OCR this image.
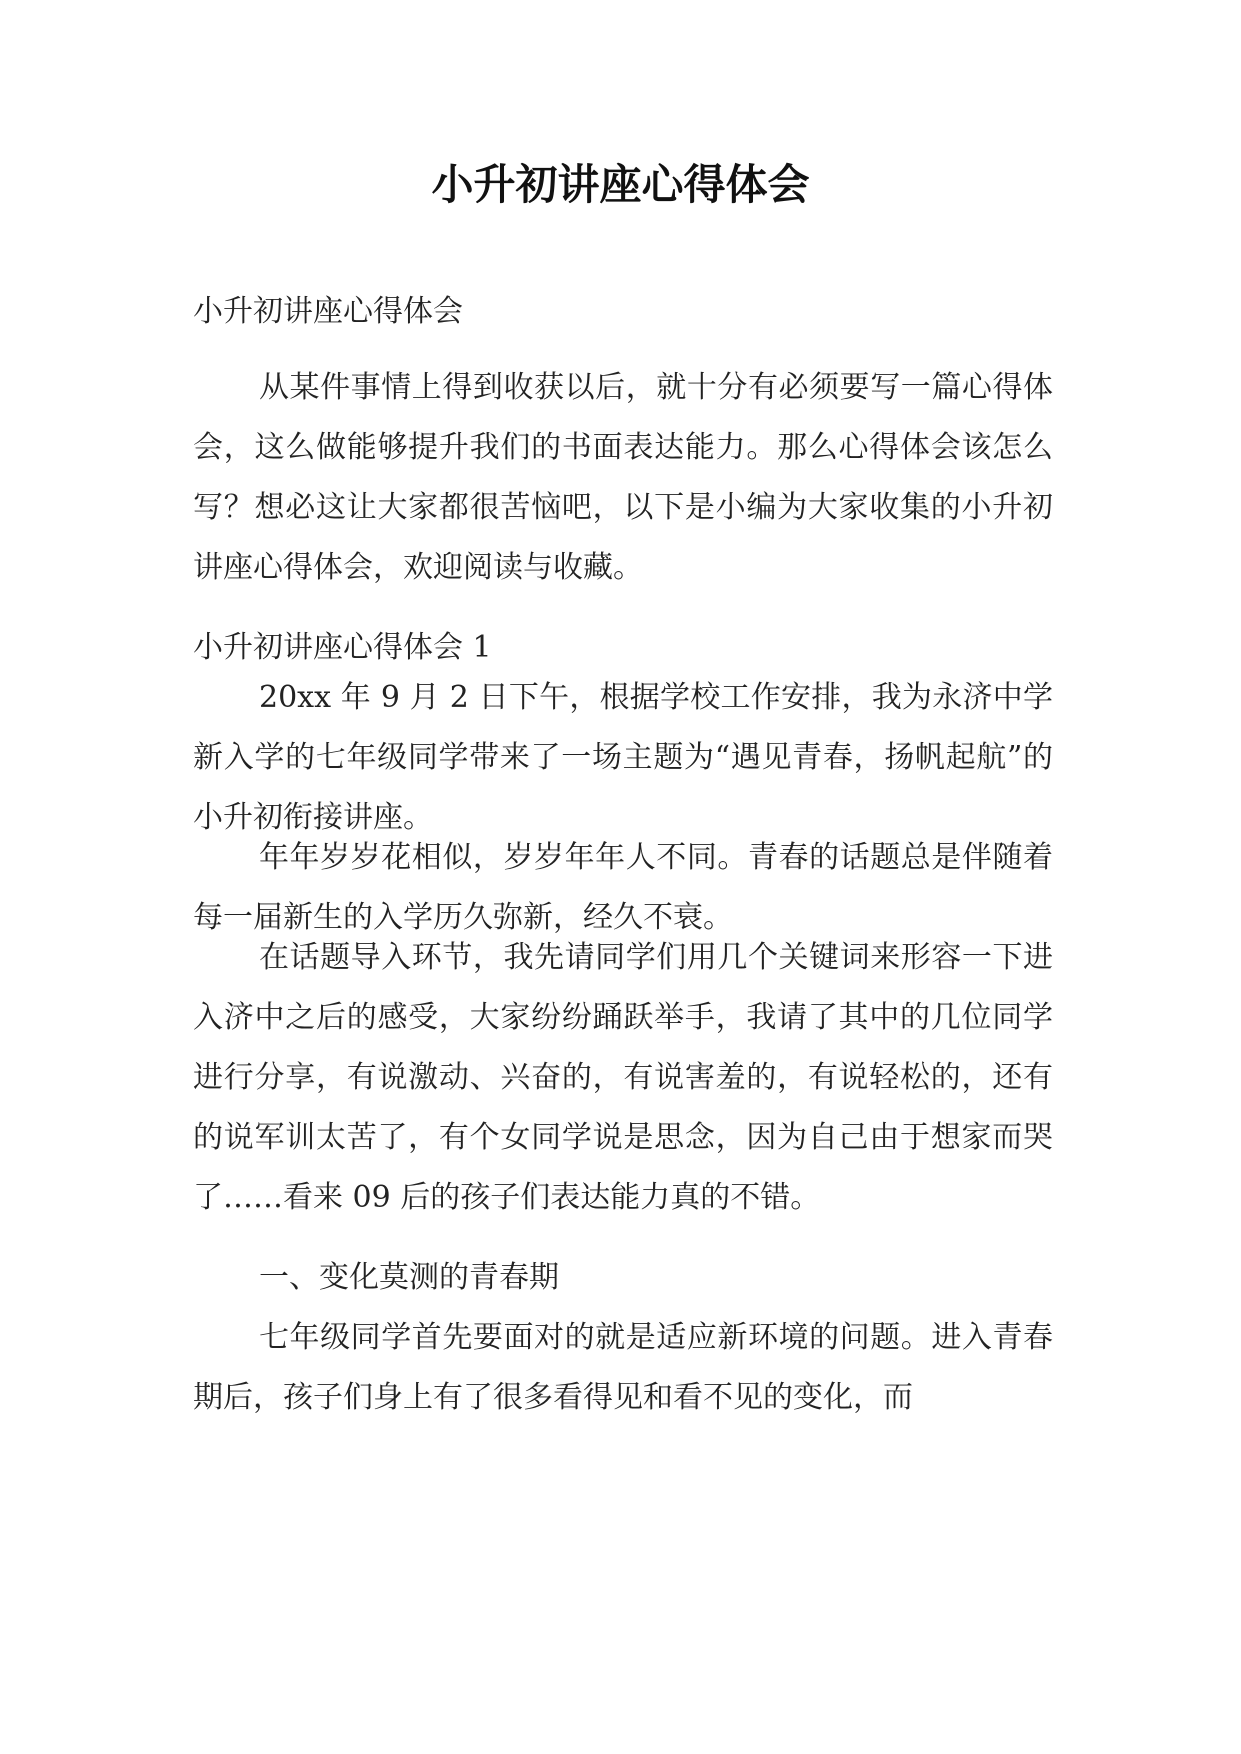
小升初讲座心得体会

小升初讲座心得体会

从某件事情上得到收获以后，就十分有必须要写一篇心得体会，这么做能够提升我们的书面表达能力。那么心得体会该怎么写？想必这让大家都很苦恼吧，以下是小编为大家收集的小升初讲座心得体会，欢迎阅读与收藏。

小升初讲座心得体会 1

20xx 年 9 月 2 日下午，根据学校工作安排，我为永济中学新入学的七年级同学带来了一场主题为“遇见青春，扬帆起航”的小升初衔接讲座。

年年岁岁花相似，岁岁年年人不同。青春的话题总是伴随着每一届新生的入学历久弥新，经久不衰。

在话题导入环节，我先请同学们用几个关键词来形容一下进入济中之后的感受，大家纷纷踊跃举手，我请了其中的几位同学进行分享，有说激动、兴奋的，有说害羞的，有说轻松的，还有的说军训太苦了，有个女同学说是思念，因为自己由于想家而哭了……看来 09 后的孩子们表达能力真的不错。

一、变化莫测的青春期

七年级同学首先要面对的就是适应新环境的问题。进入青春期后，孩子们身上有了很多看得见和看不见的变化，而
